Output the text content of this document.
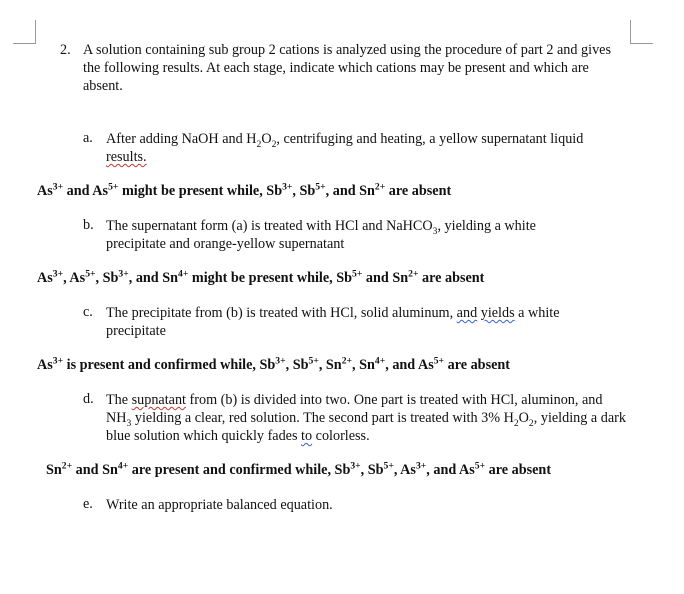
2. A solution containing sub group 2 cations is analyzed using the procedure of part 2 and gives the following results. At each stage, indicate which cations may be present and which are absent.
a. After adding NaOH and $H_2O_2$, centrifuging and heating, a yellow supernatant liquid results.
$As^{3+}$ and $As^{5+}$ might be present while, $Sb^{3+}$, $Sb^{5+}$, and $Sn^{2+}$ are absent
b. The supernatant form (a) is treated with HCl and NaHCO$_3$, yielding a white precipitate and orange-yellow supernatant
$As^{3+}$, $As^{5+}$, $Sb^{3+}$, and $Sn^{4+}$ might be present while, $Sb^{5+}$ and $Sn^{2+}$ are absent
c. The precipitate from (b) is treated with HCl, solid aluminum, and yields a white precipitate
$As^{3+}$ is present and confirmed while, $Sb^{3+}$, $Sb^{5+}$, $Sn^{2+}$, $Sn^{4+}$, and $As^{5+}$ are absent
d. The supnatant from (b) is divided into two. One part is treated with HCl, aluminon, and $NH_3$ yielding a clear, red solution. The second part is treated with 3% $H_2O_2$, yielding a dark blue solution which quickly fades to colorless.
$Sn^{2+}$ and $Sn^{4+}$ are present and confirmed while, $Sb^{3+}$, $Sb^{5+}$, $As^{3+}$, and $As^{5+}$ are absent
e. Write an appropriate balanced equation.
